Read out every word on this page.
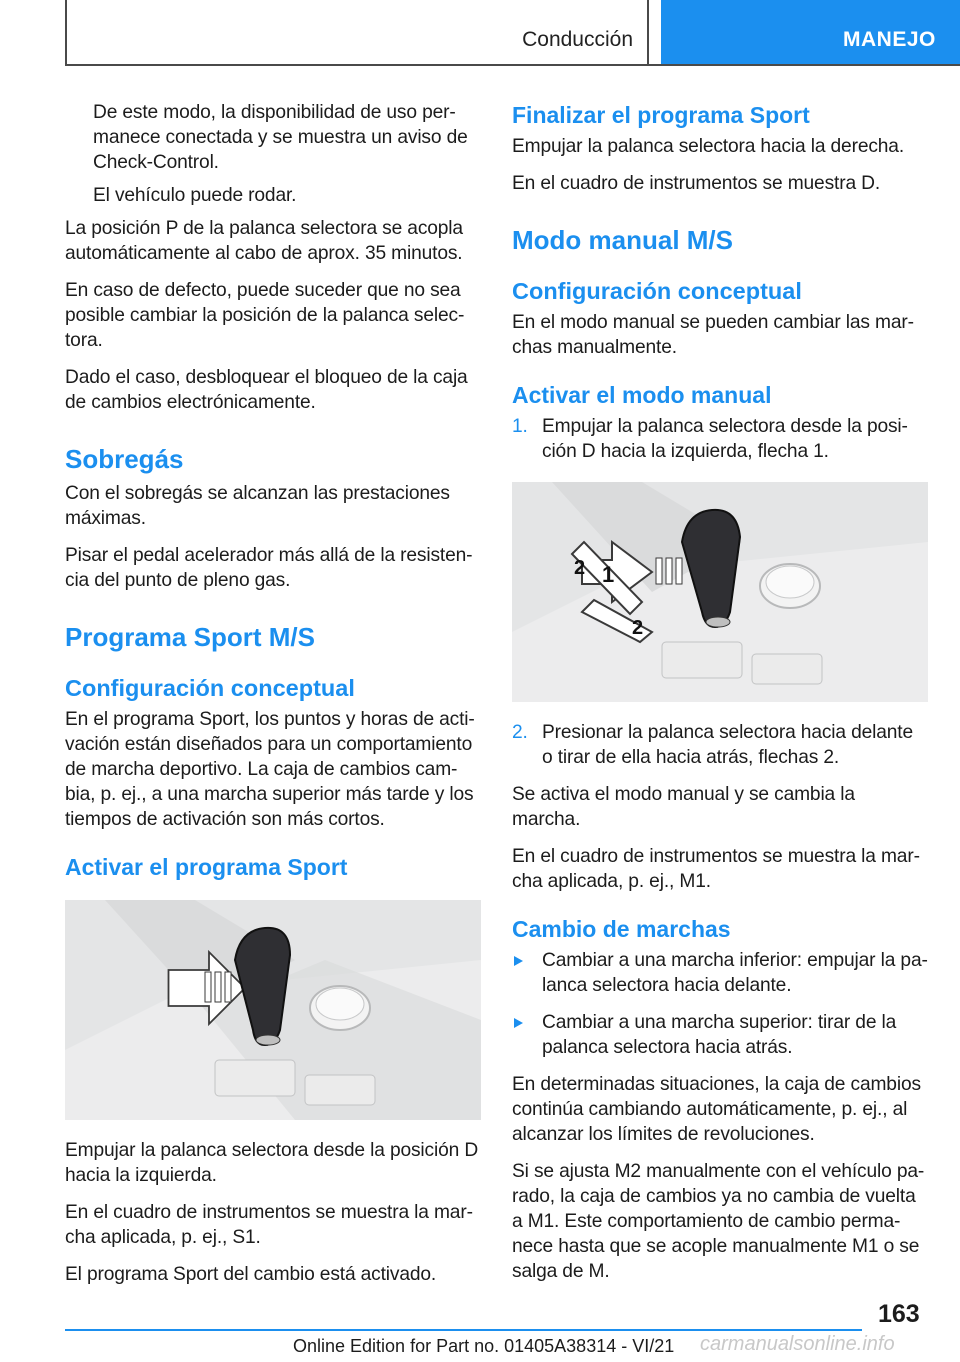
Conducción	MANEJO

De este modo, la disponibilidad de uso permanece conectada y se muestra un aviso de Check-Control.

El vehículo puede rodar.

La posición P de la palanca selectora se acopla automáticamente al cabo de aprox. 35 minutos.

En caso de defecto, puede suceder que no sea posible cambiar la posición de la palanca selectora.

Dado el caso, desbloquear el bloqueo de la caja de cambios electrónicamente.

Sobregás

Con el sobregás se alcanzan las prestaciones máximas.

Pisar el pedal acelerador más allá de la resistencia del punto de pleno gas.

Programa Sport M/S
Configuración conceptual

En el programa Sport, los puntos y horas de activación están diseñados para un comportamiento de marcha deportivo. La caja de cambios cambia, p. ej., a una marcha superior más tarde y los tiempos de activación son más cortos.

Activar el programa Sport

Empujar la palanca selectora desde la posición D hacia la izquierda.

En el cuadro de instrumentos se muestra la marcha aplicada, p. ej., S1.

El programa Sport del cambio está activado.

Finalizar el programa Sport

Empujar la palanca selectora hacia la derecha.

En el cuadro de instrumentos se muestra D.

Modo manual M/S
Configuración conceptual

En el modo manual se pueden cambiar las marchas manualmente.

Activar el modo manual
1. Empujar la palanca selectora desde la posición D hacia la izquierda, flecha 1.
1
2
2
2. Presionar la palanca selectora hacia delante o tirar de ella hacia atrás, flechas 2.

Se activa el modo manual y se cambia la marcha.

En el cuadro de instrumentos se muestra la marcha aplicada, p. ej., M1.

Cambio de marchas
Cambiar a una marcha inferior: empujar la palanca selectora hacia delante.
Cambiar a una marcha superior: tirar de la palanca selectora hacia atrás.

En determinadas situaciones, la caja de cambios continúa cambiando automáticamente, p. ej., al alcanzar los límites de revoluciones.

Si se ajusta M2 manualmente con el vehículo parado, la caja de cambios ya no cambia de vuelta a M1. Este comportamiento de cambio permanece hasta que se acople manualmente M1 o se salga de M.

163
Online Edition for Part no. 01405A38314 - VI/21 carmanualsonline.info
